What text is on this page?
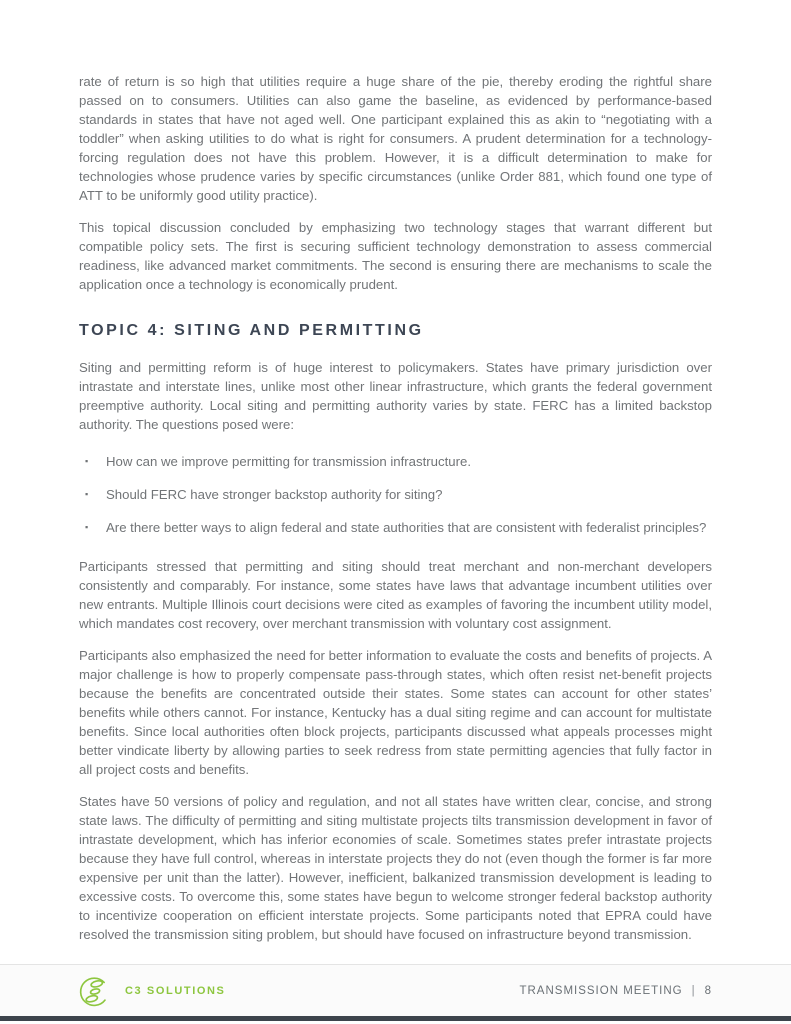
rate of return is so high that utilities require a huge share of the pie, thereby eroding the rightful share passed on to consumers. Utilities can also game the baseline, as evidenced by performance-based standards in states that have not aged well. One participant explained this as akin to “negotiating with a toddler” when asking utilities to do what is right for consumers. A prudent determination for a technology-forcing regulation does not have this problem. However, it is a difficult determination to make for technologies whose prudence varies by specific circumstances (unlike Order 881, which found one type of ATT to be uniformly good utility practice).

This topical discussion concluded by emphasizing two technology stages that warrant different but compatible policy sets. The first is securing sufficient technology demonstration to assess commercial readiness, like advanced market commitments. The second is ensuring there are mechanisms to scale the application once a technology is economically prudent.

TOPIC 4: SITING AND PERMITTING

Siting and permitting reform is of huge interest to policymakers. States have primary jurisdiction over intrastate and interstate lines, unlike most other linear infrastructure, which grants the federal government preemptive authority. Local siting and permitting authority varies by state. FERC has a limited backstop authority. The questions posed were:

▪	How can we improve permitting for transmission infrastructure.
▪	Should FERC have stronger backstop authority for siting?
▪	Are there better ways to align federal and state authorities that are consistent with federalist principles?

Participants stressed that permitting and siting should treat merchant and non-merchant developers consistently and comparably. For instance, some states have laws that advantage incumbent utilities over new entrants. Multiple Illinois court decisions were cited as examples of favoring the incumbent utility model, which mandates cost recovery, over merchant transmission with voluntary cost assignment.

Participants also emphasized the need for better information to evaluate the costs and benefits of projects. A major challenge is how to properly compensate pass-through states, which often resist net-benefit projects because the benefits are concentrated outside their states. Some states can account for other states’ benefits while others cannot. For instance, Kentucky has a dual siting regime and can account for multistate benefits. Since local authorities often block projects, participants discussed what appeals processes might better vindicate liberty by allowing parties to seek redress from state permitting agencies that fully factor in all project costs and benefits.

States have 50 versions of policy and regulation, and not all states have written clear, concise, and strong state laws. The difficulty of permitting and siting multistate projects tilts transmission development in favor of intrastate development, which has inferior economies of scale. Sometimes states prefer intrastate projects because they have full control, whereas in interstate projects they do not (even though the former is far more expensive per unit than the latter). However, inefficient, balkanized transmission development is leading to excessive costs. To overcome this, some states have begun to welcome stronger federal backstop authority to incentivize cooperation on efficient interstate projects. Some participants noted that EPRA could have resolved the transmission siting problem, but should have focused on infrastructure beyond transmission.

C3 SOLUTIONS	TRANSMISSION MEETING | 8
